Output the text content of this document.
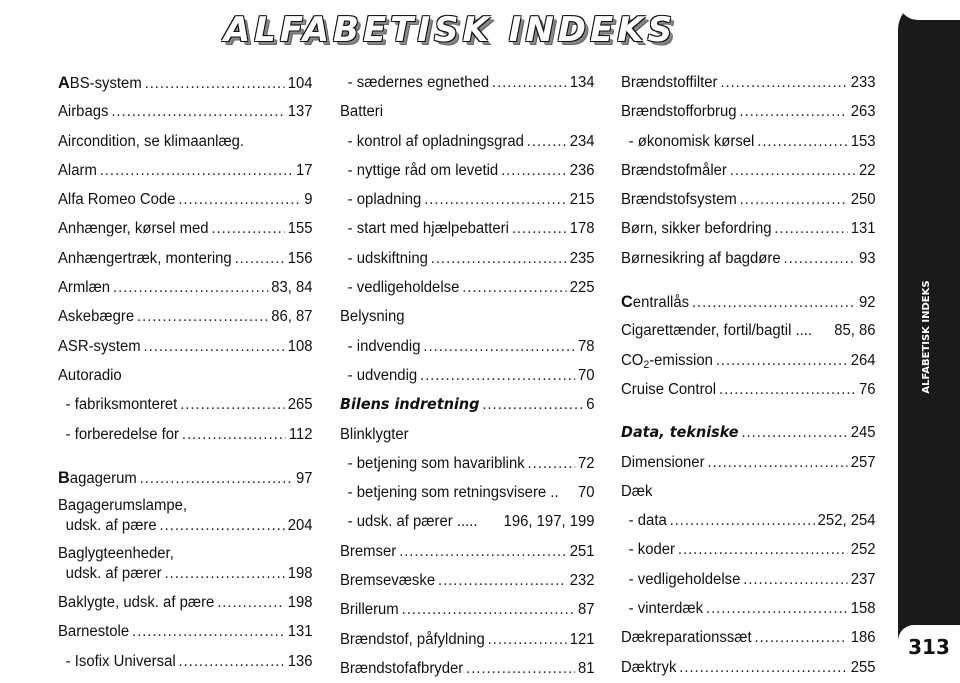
ALFABETISK INDEKS
ABS-system .....	104
Airbags .....	137
Aircondition, se klimaanlæg.
Alarm .....	17
Alfa Romeo Code .....	9
Anhænger, kørsel med .....	155
Anhængertræk, montering .....	156
Armlæn .....	83, 84
Askebægre .....	86, 87
ASR-system .....	108
Autoradio
- fabriksmonteret .....	265
- forberedelse for .....	112
Bagagerum .....	97
Bagagerumslampe,
udsk. af pære .....	204
Baglygteenheder,
udsk. af pærer .....	198
Baklygte, udsk. af pære .....	198
Barnestole .....	131
- Isofix Universal .....	136
- sædernes egnethed .....	134
Batteri
- kontrol af opladningsgrad .....	234
- nyttige råd om levetid .....	236
- opladning .....	215
- start med hjælpebatteri .....	178
- udskiftning .....	235
- vedligeholdelse .....	225
Belysning
- indvendig .....	78
- udvendig .....	70
Bilens indretning .....	6
Blinklygter
- betjening som havariblink .....	72
- betjening som retningsvisere .. 70
- udsk. af pærer ..... 196, 197, 199
Bremser .....	251
Bremsevæske .....	232
Brillerum .....	87
Brændstof, påfyldning .....	121
Brændstofafbryder .....	81
Brændstoffilter .....	233
Brændstofforbrug .....	263
- økonomisk kørsel .....	153
Brændstofmåler .....	22
Brændstofsystem .....	250
Børn, sikker befordring .....	131
Børnesikring af bagdøre .....	93
Centrallås .....	92
Cigarettænder, fortil/bagtil .... 85, 86
CO2-emission .....	264
Cruise Control .....	76
Data, tekniske .....	245
Dimensioner .....	257
Dæk
- data .....	252, 254
- koder .....	252
- vedligeholdelse .....	237
- vinterdæk .....	158
Dækreparationssæt .....	186
Dæktryk .....	255
ALFABETISK INDEKS
313
